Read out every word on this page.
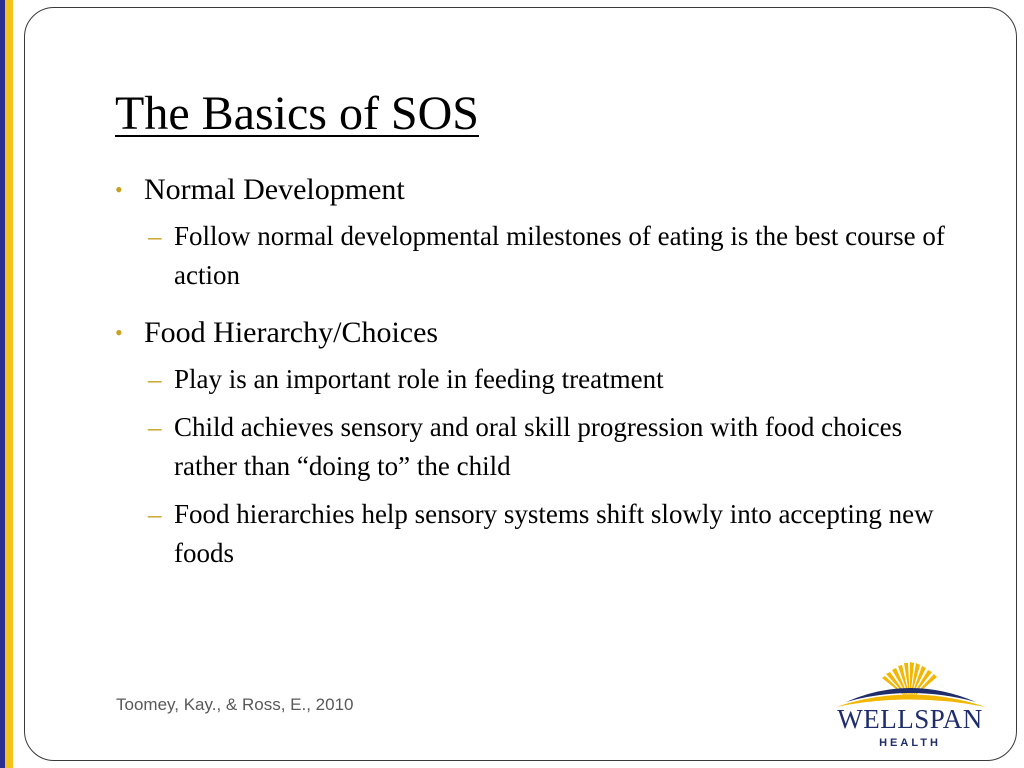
The Basics of SOS
• Normal Development
– Follow normal developmental milestones of eating is the best course of action
• Food Hierarchy/Choices
– Play is an important role in feeding treatment
– Child achieves sensory and oral skill progression with food choices rather than “doing to” the child
– Food hierarchies help sensory systems shift slowly into accepting new foods
Toomey, Kay., & Ross, E., 2010	WELLSPAN
HEALTH
